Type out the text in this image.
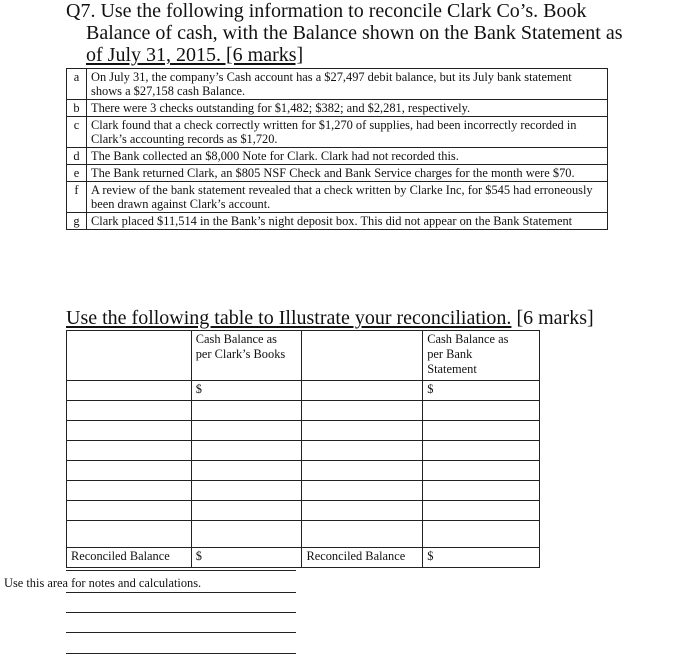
Q7. Use the following information to reconcile Clark Co’s. Book
Balance of cash, with the Balance shown on the Bank Statement as
of July 31, 2015. [6 marks]
a	On July 31, the company’s Cash account has a $27,497 debit balance, but its July bank statement shows a $27,158 cash Balance.
b	There were 3 checks outstanding for $1,482; $382; and $2,281, respectively.
c	Clark found that a check correctly written for $1,270 of supplies, had been incorrectly recorded in Clark’s accounting records as $1,720.
d	The Bank collected an $8,000 Note for Clark. Clark had not recorded this.
e	The Bank returned Clark, an $805 NSF Check and Bank Service charges for the month were $70.
f	A review of the bank statement revealed that a check written by Clarke Inc, for $545 had erroneously been drawn against Clark’s account.
g	Clark placed $11,514 in the Bank’s night deposit box. This did not appear on the Bank Statement
Use the following table to Illustrate your reconciliation. [6 marks]

	Cash Balance as
per Clark’s Books		Cash Balance as
per Bank
Statement

	$		$

Reconciled Balance	$	Reconciled Balance	$
Use this area for notes and calculations.
